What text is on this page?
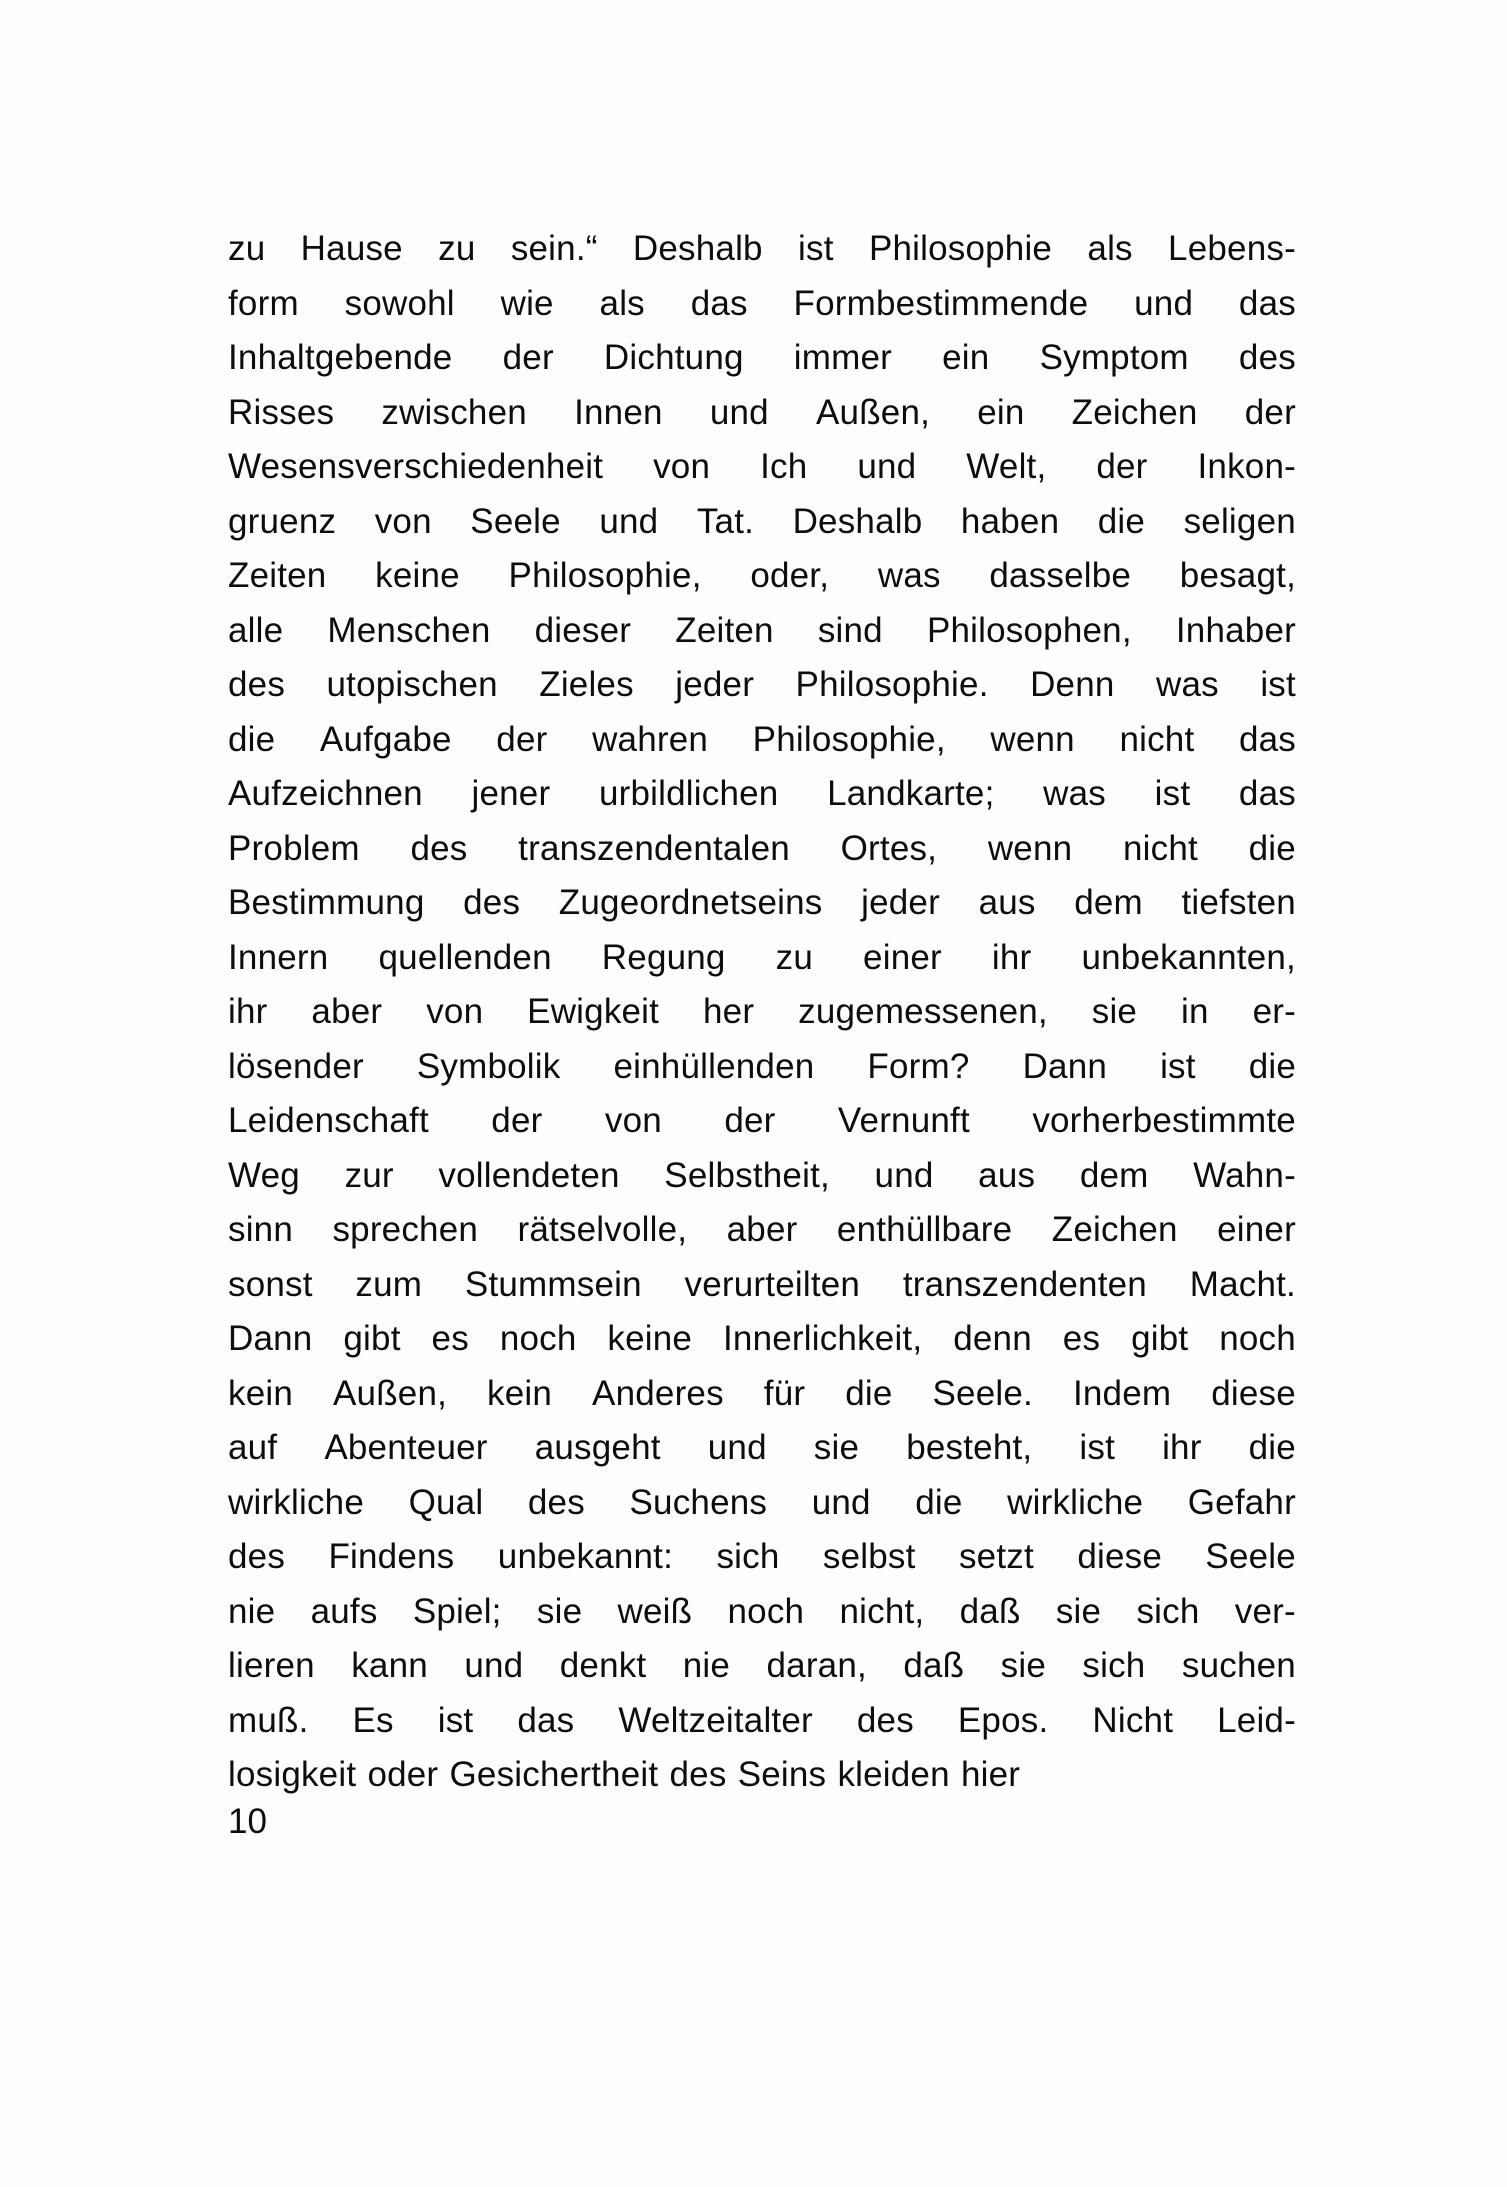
zu Hause zu sein.“ Deshalb ist Philosophie als Lebens-
form sowohl wie als das Formbestimmende und das
Inhaltgebende der Dichtung immer ein Symptom des
Risses zwischen Innen und Außen, ein Zeichen der
Wesensverschiedenheit von Ich und Welt, der Inkon-
gruenz von Seele und Tat. Deshalb haben die seligen
Zeiten keine Philosophie, oder, was dasselbe besagt,
alle Menschen dieser Zeiten sind Philosophen, Inhaber
des utopischen Zieles jeder Philosophie. Denn was ist
die Aufgabe der wahren Philosophie, wenn nicht das
Aufzeichnen jener urbildlichen Landkarte; was ist das
Problem des transzendentalen Ortes, wenn nicht die
Bestimmung des Zugeordnetseins jeder aus dem tiefsten
Innern quellenden Regung zu einer ihr unbekannten,
ihr aber von Ewigkeit her zugemessenen, sie in er-
lösender Symbolik einhüllenden Form? Dann ist die
Leidenschaft der von der Vernunft vorherbestimmte
Weg zur vollendeten Selbstheit, und aus dem Wahn-
sinn sprechen rätselvolle, aber enthüllbare Zeichen einer
sonst zum Stummsein verurteilten transzendenten Macht.
Dann gibt es noch keine Innerlichkeit, denn es gibt noch
kein Außen, kein Anderes für die Seele. Indem diese
auf Abenteuer ausgeht und sie besteht, ist ihr die
wirkliche Qual des Suchens und die wirkliche Gefahr
des Findens unbekannt: sich selbst setzt diese Seele
nie aufs Spiel; sie weiß noch nicht, daß sie sich ver-
lieren kann und denkt nie daran, daß sie sich suchen
muß. Es ist das Weltzeitalter des Epos. Nicht Leid-
losigkeit oder Gesichertheit des Seins kleiden hier
10
